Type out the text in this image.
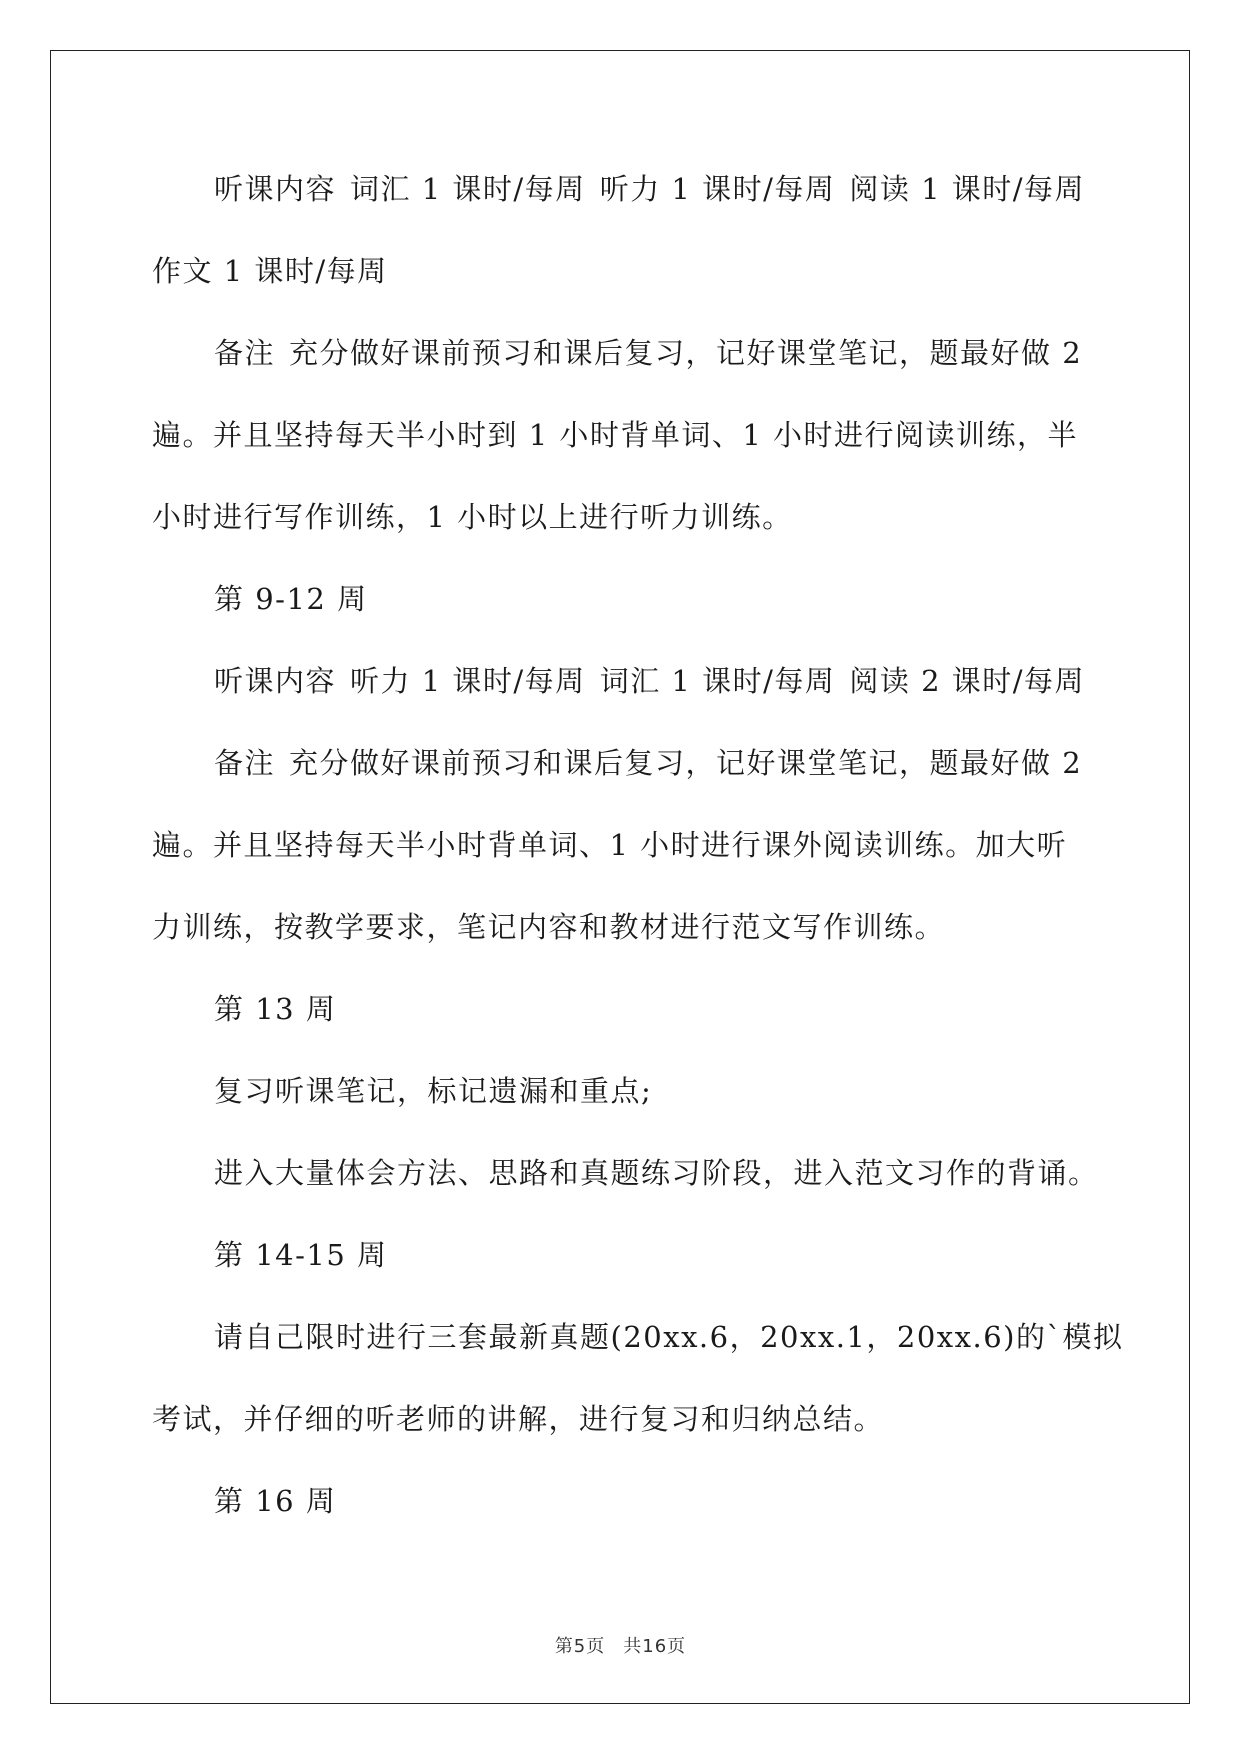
听课内容 词汇 1 课时/每周 听力 1 课时/每周 阅读 1 课时/每周
作文 1 课时/每周
备注 充分做好课前预习和课后复习，记好课堂笔记，题最好做 2
遍。并且坚持每天半小时到 1 小时背单词、1 小时进行阅读训练，半
小时进行写作训练，1 小时以上进行听力训练。
第 9-12 周
听课内容 听力 1 课时/每周 词汇 1 课时/每周 阅读 2 课时/每周
备注 充分做好课前预习和课后复习，记好课堂笔记，题最好做 2
遍。并且坚持每天半小时背单词、1 小时进行课外阅读训练。加大听
力训练，按教学要求，笔记内容和教材进行范文写作训练。
第 13 周
复习听课笔记，标记遗漏和重点;
进入大量体会方法、思路和真题练习阶段，进入范文习作的背诵。
第 14-15 周
请自己限时进行三套最新真题(20xx.6，20xx.1，20xx.6)的`模拟
考试，并仔细的听老师的讲解，进行复习和归纳总结。
第 16 周
第5页 共16页
